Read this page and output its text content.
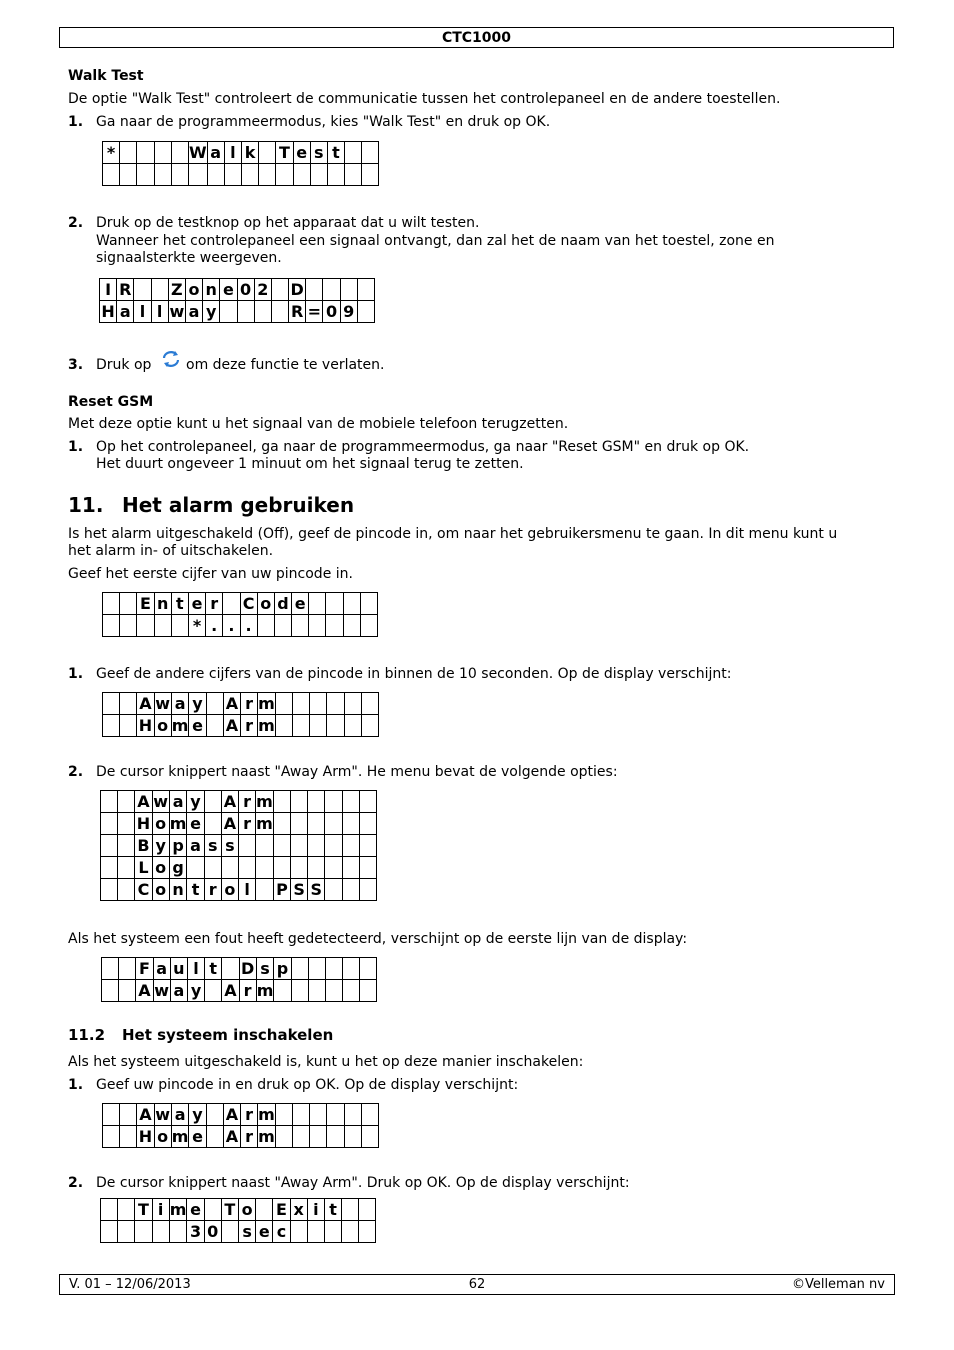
CTC1000
Walk Test
De optie "Walk Test" controleert de communicatie tussen het controlepaneel en de andere toestellen.
1. Ga naar de programmeermodus, kies "Walk Test" en druk op OK.
*					W	a	l	k		T	e	s	t		

2. Druk op de testknop op het apparaat dat u wilt testen.
Wanneer het controlepaneel een signaal ontvangt, dan zal het de naam van het toestel, zone en
signaalsterkte weergeven.
I	R			Z	o	n	e	0	2		D				
H	a	l	l	w	a	y					R	=	0	9	
3. Druk op om deze functie te verlaten.
Reset GSM
Met deze optie kunt u het signaal van de mobiele telefoon terugzetten.
1. Op het controlepaneel, ga naar de programmeermodus, ga naar "Reset GSM" en druk op OK.
Het duurt ongeveer 1 minuut om het signaal terug te zetten.
11. Het alarm gebruiken
Is het alarm uitgeschakeld (Off), geef de pincode in, om naar het gebruikersmenu te gaan. In dit menu kunt u
het alarm in- of uitschakelen.
Geef het eerste cijfer van uw pincode in.
		E	n	t	e	r		C	o	d	e				
					*	.	.	.							
1. Geef de andere cijfers van de pincode in binnen de 10 seconden. Op de display verschijnt:
		A	w	a	y		A	r	m						
		H	o	m	e		A	r	m						
2. De cursor knippert naast "Away Arm". He menu bevat de volgende opties:
		A	w	a	y		A	r	m						
		H	o	m	e		A	r	m						
		B	y	p	a	s	s								
		L	o	g											
		C	o	n	t	r	o	l		P	S	S			
Als het systeem een fout heeft gedetecteerd, verschijnt op de eerste lijn van de display:
		F	a	u	l	t		D	s	p					
		A	w	a	y		A	r	m						
11.2 Het systeem inschakelen
Als het systeem uitgeschakeld is, kunt u het op deze manier inschakelen:
1. Geef uw pincode in en druk op OK. Op de display verschijnt:
		A	w	a	y		A	r	m						
		H	o	m	e		A	r	m						
2. De cursor knippert naast "Away Arm". Druk op OK. Op de display verschijnt:
		T	i	m	e		T	o		E	x	i	t		
					3	0		s	e	c					
V. 01 – 12/06/2013	62	©Velleman nv
